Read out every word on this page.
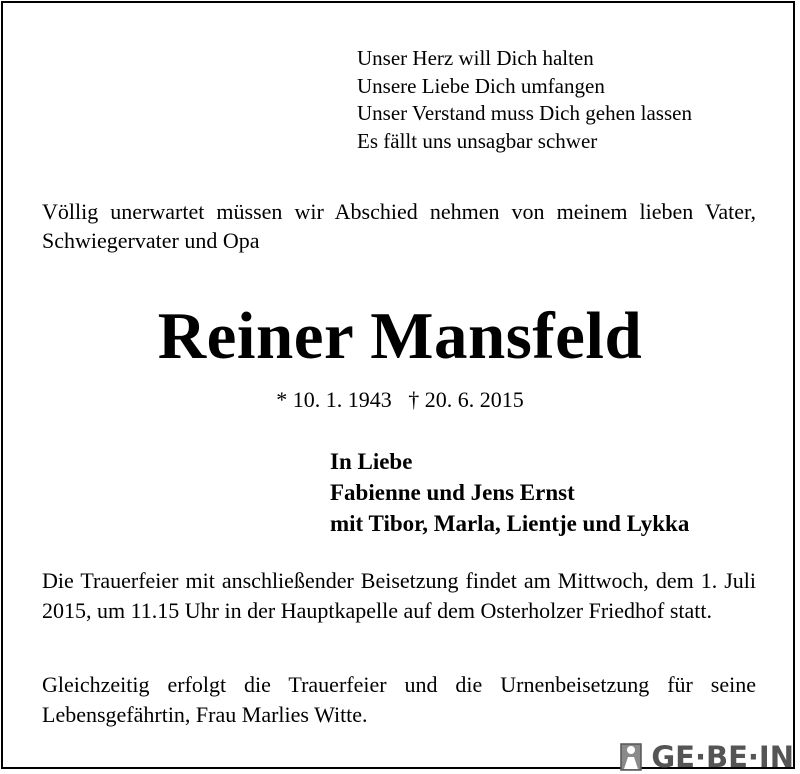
Unser Herz will Dich halten
Unsere Liebe Dich umfangen
Unser Verstand muss Dich gehen lassen
Es fällt uns unsagbar schwer
Völlig unerwartet müssen wir Abschied nehmen von meinem lieben Vater, Schwiegervater und Opa
Reiner Mansfeld
* 10. 1. 1943   † 20. 6. 2015
In Liebe
Fabienne und Jens Ernst
mit Tibor, Marla, Lientje und Lykka
Die Trauerfeier mit anschließender Beisetzung findet am Mittwoch, dem 1. Juli 2015, um 11.15 Uhr in der Hauptkapelle auf dem Osterholzer Friedhof statt.
Gleichzeitig erfolgt die Trauerfeier und die Urnenbeisetzung für seine Lebensgefährtin, Frau Marlies Witte.
GE·BE·IN
